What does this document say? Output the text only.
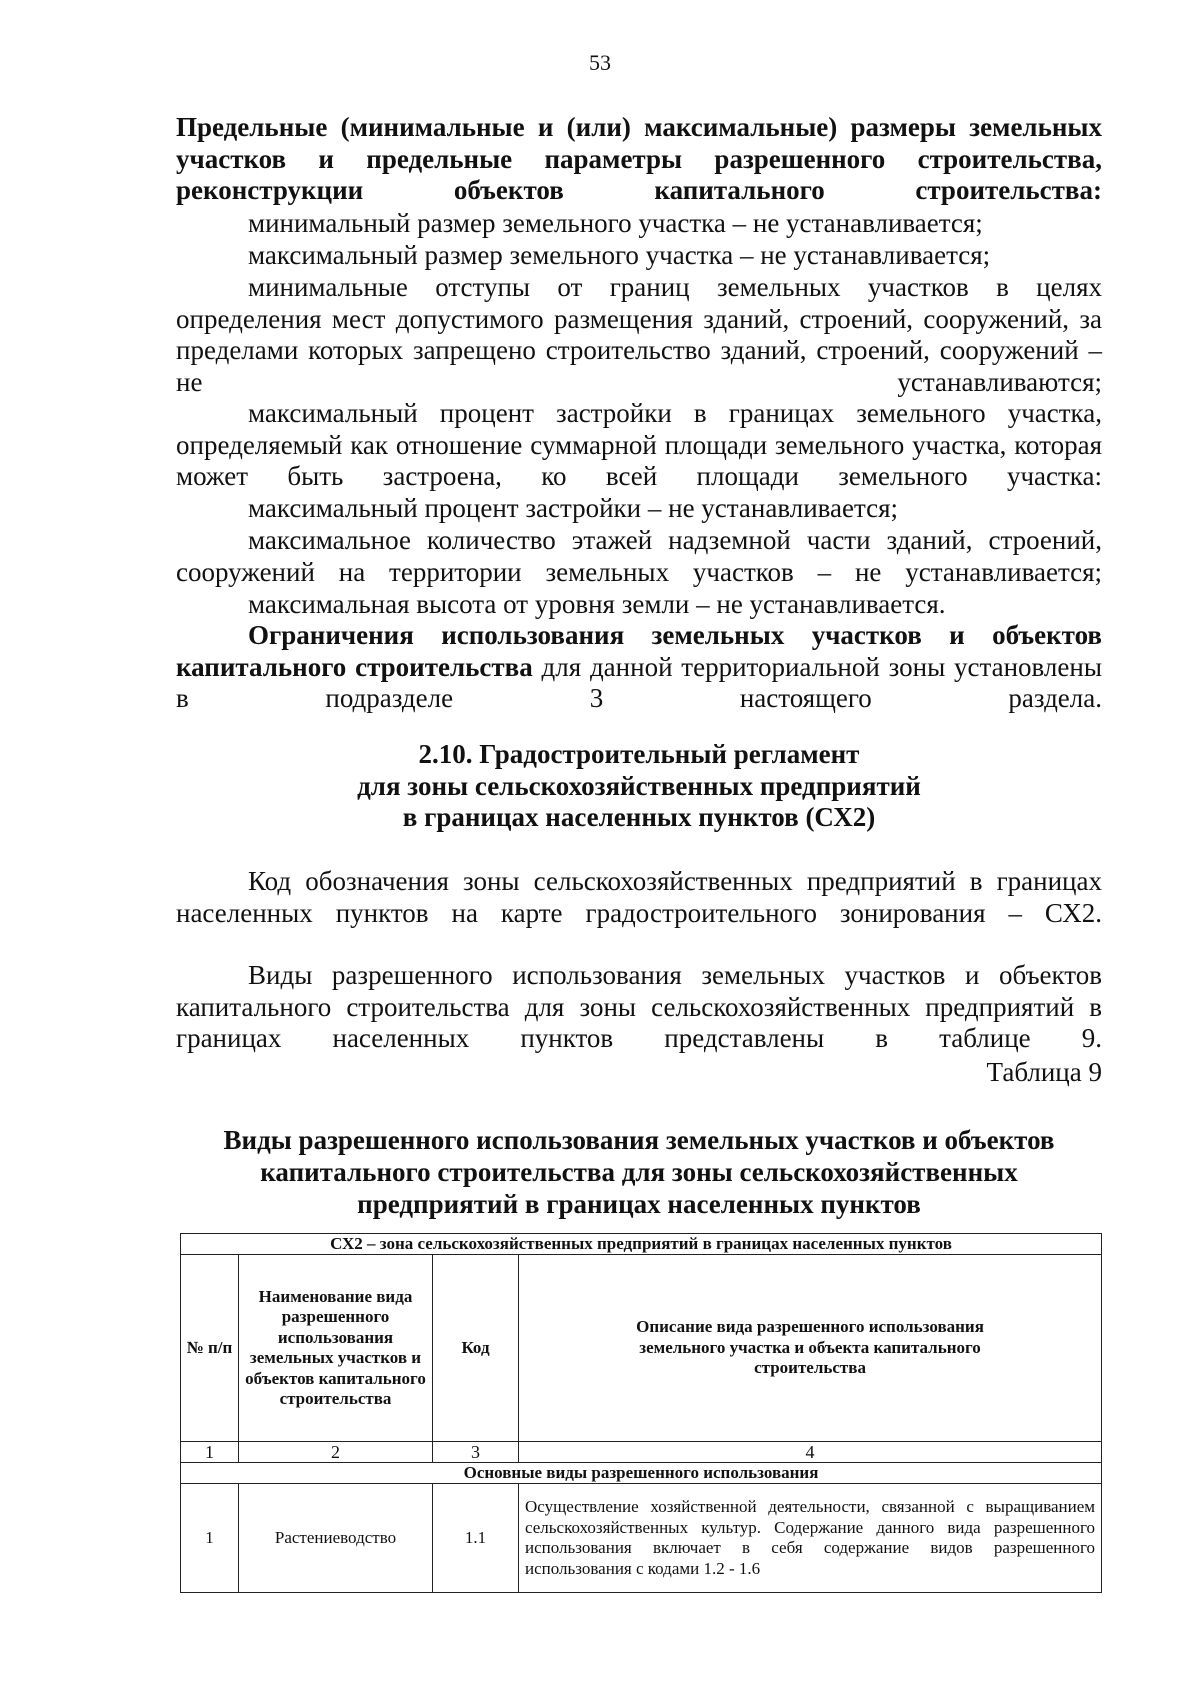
53
Предельные (минимальные и (или) максимальные) размеры земельных участков и предельные параметры разрешенного строительства, реконструкции объектов капитального строительства:
минимальный размер земельного участка – не устанавливается;
максимальный размер земельного участка – не устанавливается;
минимальные отступы от границ земельных участков в целях определения мест допустимого размещения зданий, строений, сооружений, за пределами которых запрещено строительство зданий, строений, сооружений – не устанавливаются;
максимальный процент застройки в границах земельного участка, определяемый как отношение суммарной площади земельного участка, которая может быть застроена, ко всей площади земельного участка:
максимальный процент застройки – не устанавливается;
максимальное количество этажей надземной части зданий, строений, сооружений на территории земельных участков – не устанавливается;
максимальная высота от уровня земли – не устанавливается.
Ограничения использования земельных участков и объектов капитального строительства для данной территориальной зоны установлены в подразделе 3 настоящего раздела.
2.10. Градостроительный регламент
для зоны сельскохозяйственных предприятий
в границах населенных пунктов (СХ2)
Код обозначения зоны сельскохозяйственных предприятий в границах населенных пунктов на карте градостроительного зонирования – СХ2.
Виды разрешенного использования земельных участков и объектов капитального строительства для зоны сельскохозяйственных предприятий в границах населенных пунктов представлены в таблице 9.
Таблица 9
Виды разрешенного использования земельных участков и объектов
капитального строительства для зоны сельскохозяйственных
предприятий в границах населенных пунктов
СХ2 – зона сельскохозяйственных предприятий в границах населенных пунктов			
№ п/п	Наименование вида разрешенного использования земельных участков и объектов капитального строительства	Код	Описание вида разрешенного использования земельного участка и объекта капитального строительства
1	2	3	4
Основные виды разрешенного использования			
1	Растениеводство	1.1	Осуществление хозяйственной деятельности, связанной с выращиванием сельскохозяйственных культур. Содержание данного вида разрешенного использования включает в себя содержание видов разрешенного использования с кодами 1.2 - 1.6
